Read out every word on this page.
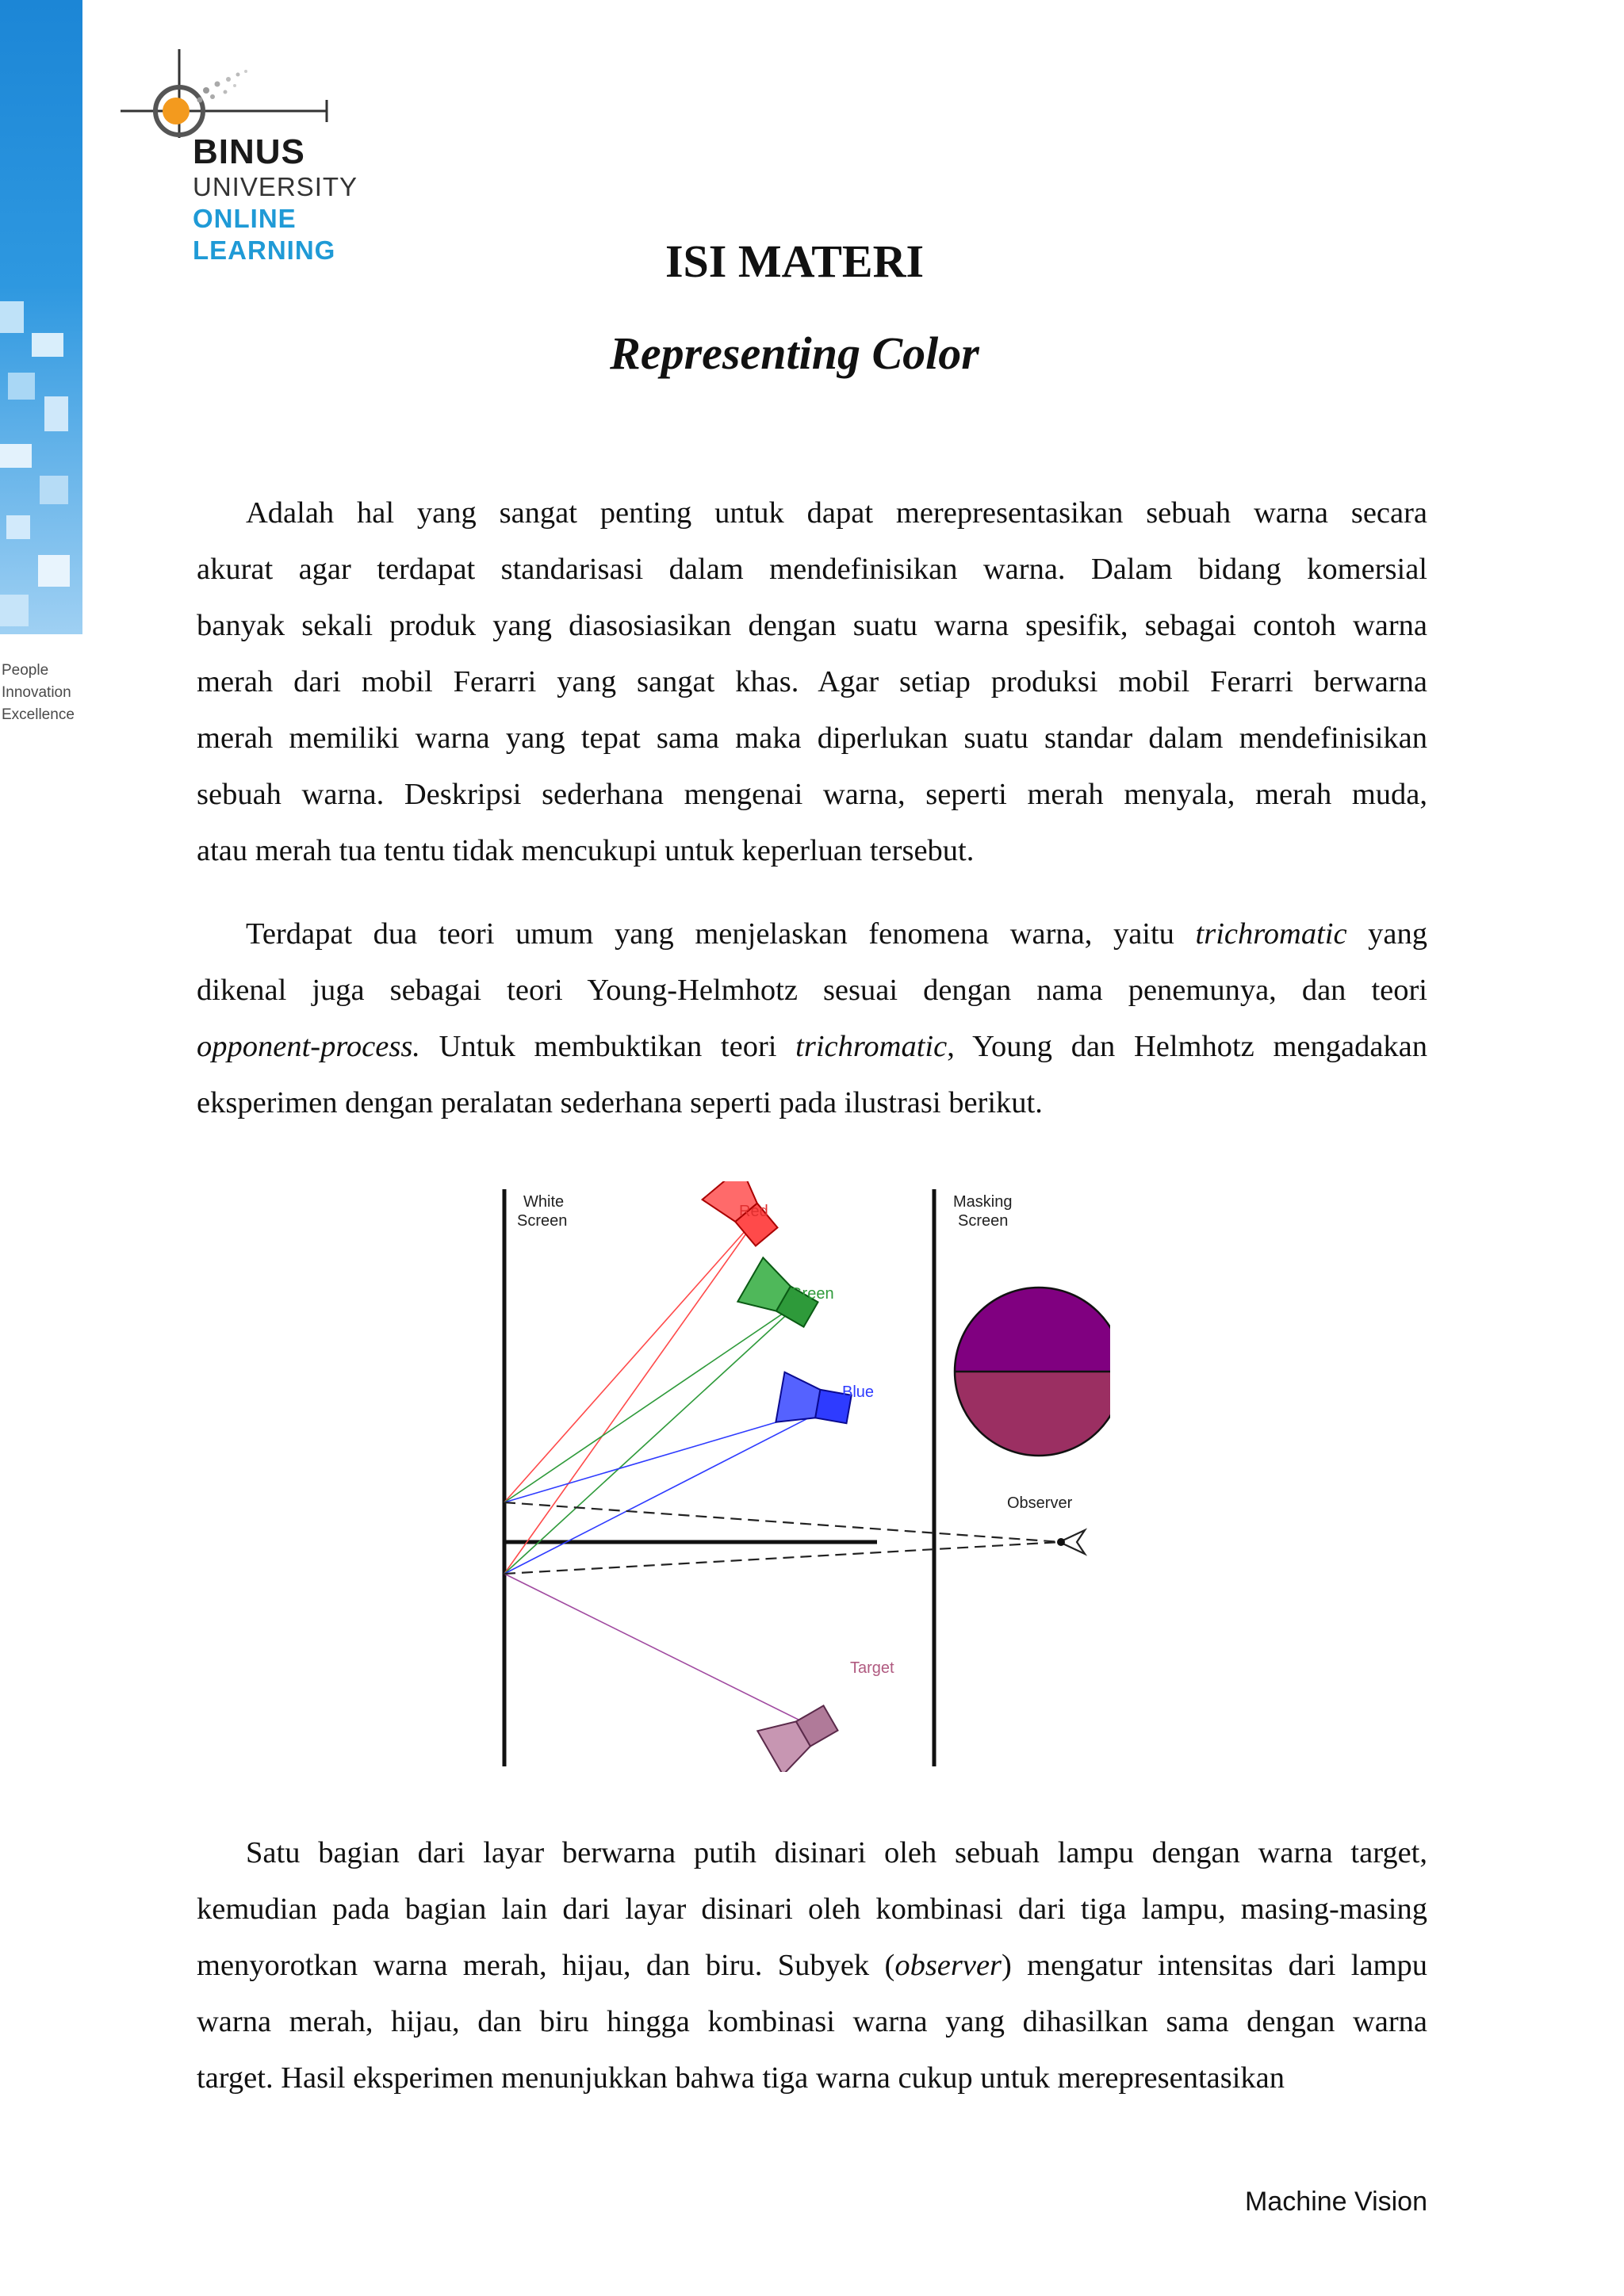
People
Innovation
Excellence
BINUS
UNIVERSITY
ONLINE
LEARNING	ISI MATERI
Representing Color
Adalah hal yang sangat penting untuk dapat merepresentasikan sebuah warna secara
akurat agar terdapat standarisasi dalam mendefinisikan warna. Dalam bidang komersial
banyak sekali produk yang diasosiasikan dengan suatu warna spesifik, sebagai contoh warna
merah dari mobil Ferarri yang sangat khas. Agar setiap produksi mobil Ferarri berwarna
merah memiliki warna yang tepat sama maka diperlukan suatu standar dalam mendefinisikan
sebuah warna. Deskripsi sederhana mengenai warna, seperti merah menyala, merah muda,
atau merah tua tentu tidak mencukupi untuk keperluan tersebut.
Terdapat dua teori umum yang menjelaskan fenomena warna, yaitu trichromatic yang
dikenal juga sebagai teori Young-Helmhotz sesuai dengan nama penemunya, dan teori
opponent-process. Untuk membuktikan teori trichromatic, Young dan Helmhotz mengadakan
eksperimen dengan peralatan sederhana seperti pada ilustrasi berikut.
White
Screen
Masking
Screen
Red
Green
Blue
Observer
Target
Satu bagian dari layar berwarna putih disinari oleh sebuah lampu dengan warna target,
kemudian pada bagian lain dari layar disinari oleh kombinasi dari tiga lampu, masing-masing
menyorotkan warna merah, hijau, dan biru. Subyek (observer) mengatur intensitas dari lampu
warna merah, hijau, dan biru hingga kombinasi warna yang dihasilkan sama dengan warna
target. Hasil eksperimen menunjukkan bahwa tiga warna cukup untuk merepresentasikan
Machine Vision
